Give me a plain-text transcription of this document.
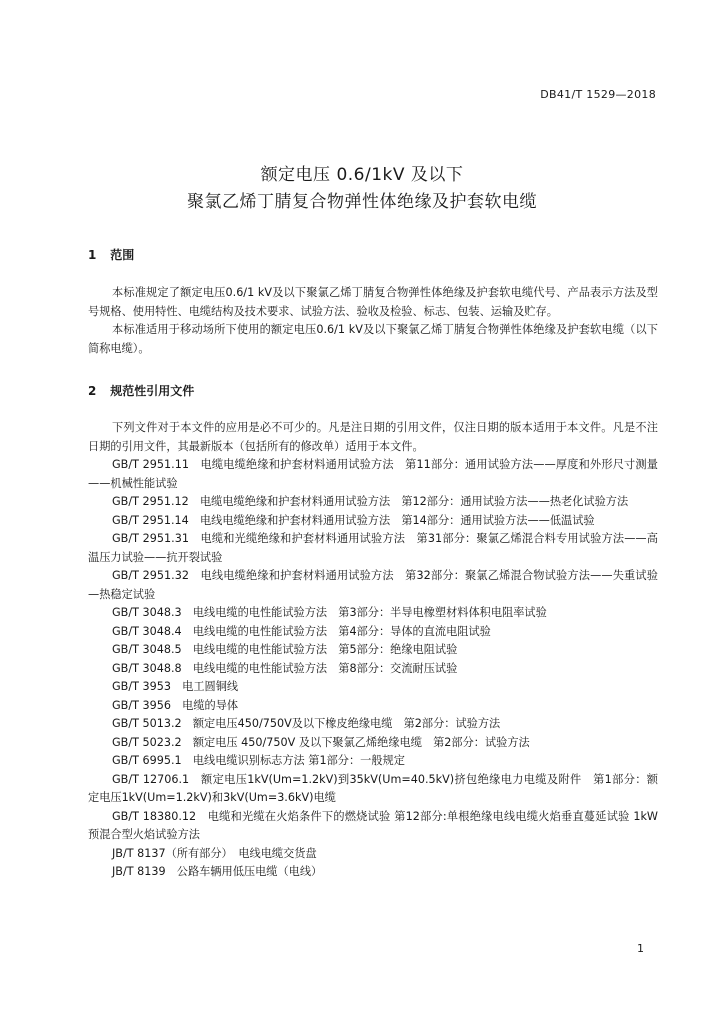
DB41/T 1529—2018
额定电压 0.6/1kV 及以下
聚氯乙烯丁腈复合物弹性体绝缘及护套软电缆
1 范围

本标准规定了额定电压0.6/1 kV及以下聚氯乙烯丁腈复合物弹性体绝缘及护套软电缆代号、产品表示方法及型号规格、使用特性、电缆结构及技术要求、试验方法、验收及检验、标志、包装、运输及贮存。

本标准适用于移动场所下使用的额定电压0.6/1 kV及以下聚氯乙烯丁腈复合物弹性体绝缘及护套软电缆（以下简称电缆）。

2 规范性引用文件

下列文件对于本文件的应用是必不可少的。凡是注日期的引用文件，仅注日期的版本适用于本文件。凡是不注日期的引用文件，其最新版本（包括所有的修改单）适用于本文件。

GB/T 2951.11　电缆电缆绝缘和护套材料通用试验方法　第11部分：通用试验方法——厚度和外形尺寸测量——机械性能试验

GB/T 2951.12　电缆电缆绝缘和护套材料通用试验方法　第12部分：通用试验方法——热老化试验方法

GB/T 2951.14　电线电缆绝缘和护套材料通用试验方法　第14部分：通用试验方法——低温试验

GB/T 2951.31　电缆和光缆绝缘和护套材料通用试验方法　第31部分：聚氯乙烯混合料专用试验方法——高温压力试验——抗开裂试验

GB/T 2951.32　电线电缆绝缘和护套材料通用试验方法　第32部分：聚氯乙烯混合物试验方法——失重试验—热稳定试验

GB/T 3048.3　电线电缆的电性能试验方法　第3部分：半导电橡塑材料体积电阻率试验

GB/T 3048.4　电线电缆的电性能试验方法　第4部分：导体的直流电阻试验

GB/T 3048.5　电线电缆的电性能试验方法　第5部分：绝缘电阻试验

GB/T 3048.8　电线电缆的电性能试验方法　第8部分：交流耐压试验

GB/T 3953　电工圆铜线

GB/T 3956　电缆的导体

GB/T 5013.2　额定电压450/750V及以下橡皮绝缘电缆　第2部分：试验方法

GB/T 5023.2　额定电压 450/750V 及以下聚氯乙烯绝缘电缆　第2部分：试验方法

GB/T 6995.1　电线电缆识别标志方法 第1部分：一般规定

GB/T 12706.1　额定电压1kV(Um=1.2kV)到35kV(Um=40.5kV)挤包绝缘电力电缆及附件　第1部分：额定电压1kV(Um=1.2kV)和3kV(Um=3.6kV)电缆

GB/T 18380.12　电缆和光缆在火焰条件下的燃烧试验 第12部分:单根绝缘电线电缆火焰垂直蔓延试验 1kW预混合型火焰试验方法

JB/T 8137（所有部分）　电线电缆交货盘

JB/T 8139　公路车辆用低压电缆（电线）

1
